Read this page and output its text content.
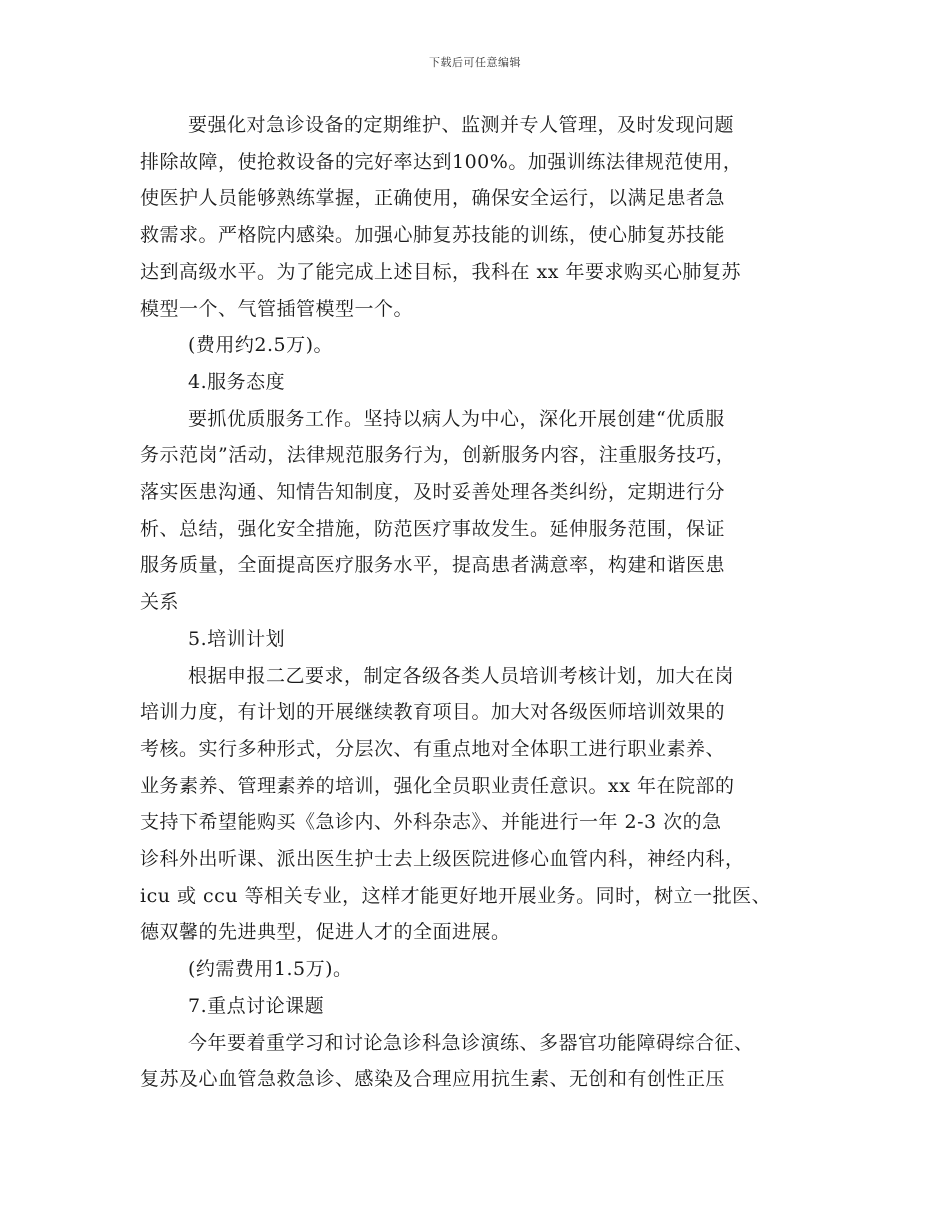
下载后可任意编辑

要强化对急诊设备的定期维护、监测并专人管理，及时发现问题

排除故障，使抢救设备的完好率达到100%。加强训练法律规范使用，

使医护人员能够熟练掌握，正确使用，确保安全运行，以满足患者急

救需求。严格院内感染。加强心肺复苏技能的训练，使心肺复苏技能

达到高级水平。为了能完成上述目标，我科在 xx 年要求购买心肺复苏

模型一个、气管插管模型一个。

(费用约2.5万)。

4.服务态度

要抓优质服务工作。坚持以病人为中心，深化开展创建“优质服

务示范岗”活动，法律规范服务行为，创新服务内容，注重服务技巧，

落实医患沟通、知情告知制度，及时妥善处理各类纠纷，定期进行分

析、总结，强化安全措施，防范医疗事故发生。延伸服务范围，保证

服务质量，全面提高医疗服务水平，提高患者满意率，构建和谐医患

关系

5.培训计划

根据申报二乙要求，制定各级各类人员培训考核计划，加大在岗

培训力度，有计划的开展继续教育项目。加大对各级医师培训效果的

考核。实行多种形式，分层次、有重点地对全体职工进行职业素养、

业务素养、管理素养的培训，强化全员职业责任意识。xx 年在院部的

支持下希望能购买《急诊内、外科杂志》、并能进行一年 2-3 次的急

诊科外出听课、派出医生护士去上级医院进修心血管内科，神经内科，

icu 或 ccu 等相关专业，这样才能更好地开展业务。同时，树立一批医、

德双馨的先进典型，促进人才的全面进展。

(约需费用1.5万)。

7.重点讨论课题

今年要着重学习和讨论急诊科急诊演练、多器官功能障碍综合征、

复苏及心血管急救急诊、感染及合理应用抗生素、无创和有创性正压
